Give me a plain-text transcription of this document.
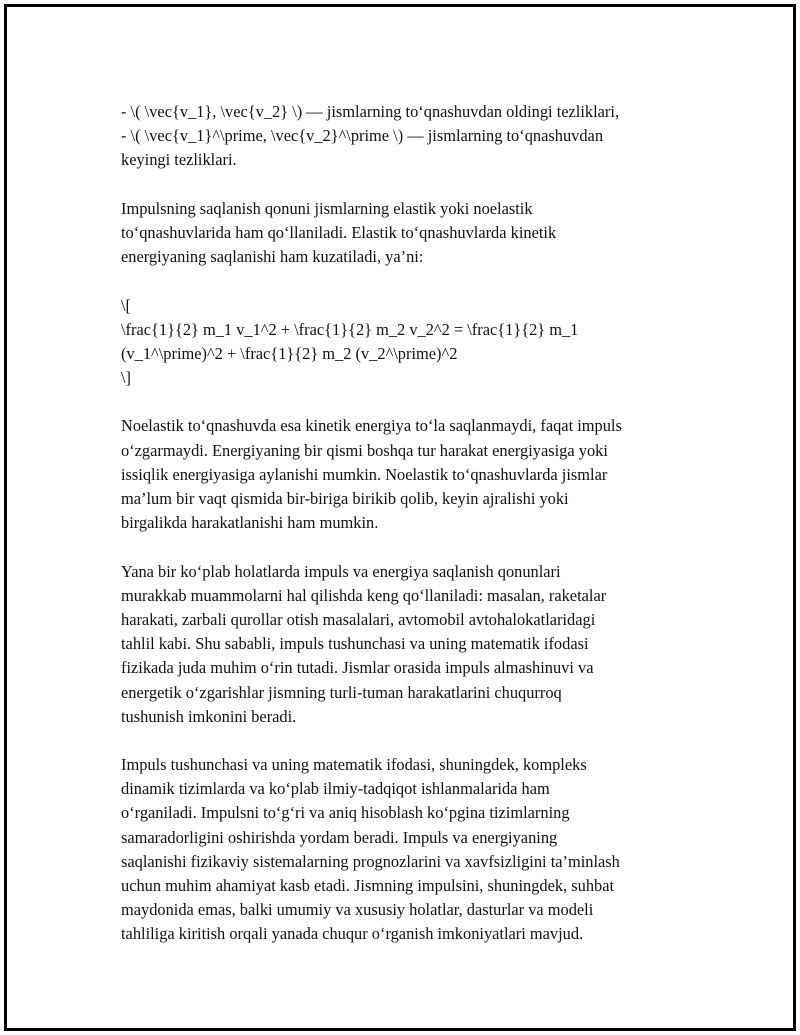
- \( \vec{v_1}, \vec{v_2} \) — jismlarning to‘qnashuvdan oldingi tezliklari,
- \( \vec{v_1}^\prime, \vec{v_2}^\prime \) — jismlarning to‘qnashuvdan
keyingi tezliklari.
Impulsning saqlanish qonuni jismlarning elastik yoki noelastik
to‘qnashuvlarida ham qo‘llaniladi. Elastik to‘qnashuvlarda kinetik
energiyaning saqlanishi ham kuzatiladi, ya’ni:
\[
\frac{1}{2} m_1 v_1^2 + \frac{1}{2} m_2 v_2^2 = \frac{1}{2} m_1
(v_1^\prime)^2 + \frac{1}{2} m_2 (v_2^\prime)^2
\]
Noelastik to‘qnashuvda esa kinetik energiya to‘la saqlanmaydi, faqat impuls
o‘zgarmaydi. Energiyaning bir qismi boshqa tur harakat energiyasiga yoki
issiqlik energiyasiga aylanishi mumkin. Noelastik to‘qnashuvlarda jismlar
ma’lum bir vaqt qismida bir-biriga birikib qolib, keyin ajralishi yoki
birgalikda harakatlanishi ham mumkin.
Yana bir ko‘plab holatlarda impuls va energiya saqlanish qonunlari
murakkab muammolarni hal qilishda keng qo‘llaniladi: masalan, raketalar
harakati, zarbali qurollar otish masalalari, avtomobil avtohalokatlaridagi
tahlil kabi. Shu sababli, impuls tushunchasi va uning matematik ifodasi
fizikada juda muhim o‘rin tutadi. Jismlar orasida impuls almashinuvi va
energetik o‘zgarishlar jismning turli-tuman harakatlarini chuqurroq
tushunish imkonini beradi.
Impuls tushunchasi va uning matematik ifodasi, shuningdek, kompleks
dinamik tizimlarda va ko‘plab ilmiy-tadqiqot ishlanmalarida ham
o‘rganiladi. Impulsni to‘g‘ri va aniq hisoblash ko‘pgina tizimlarning
samaradorligini oshirishda yordam beradi. Impuls va energiyaning
saqlanishi fizikaviy sistemalarning prognozlarini va xavfsizligini ta’minlash
uchun muhim ahamiyat kasb etadi. Jismning impulsini, shuningdek, suhbat
maydonida emas, balki umumiy va xususiy holatlar, dasturlar va modeli
tahliliga kiritish orqali yanada chuqur o‘rganish imkoniyatlari mavjud.
